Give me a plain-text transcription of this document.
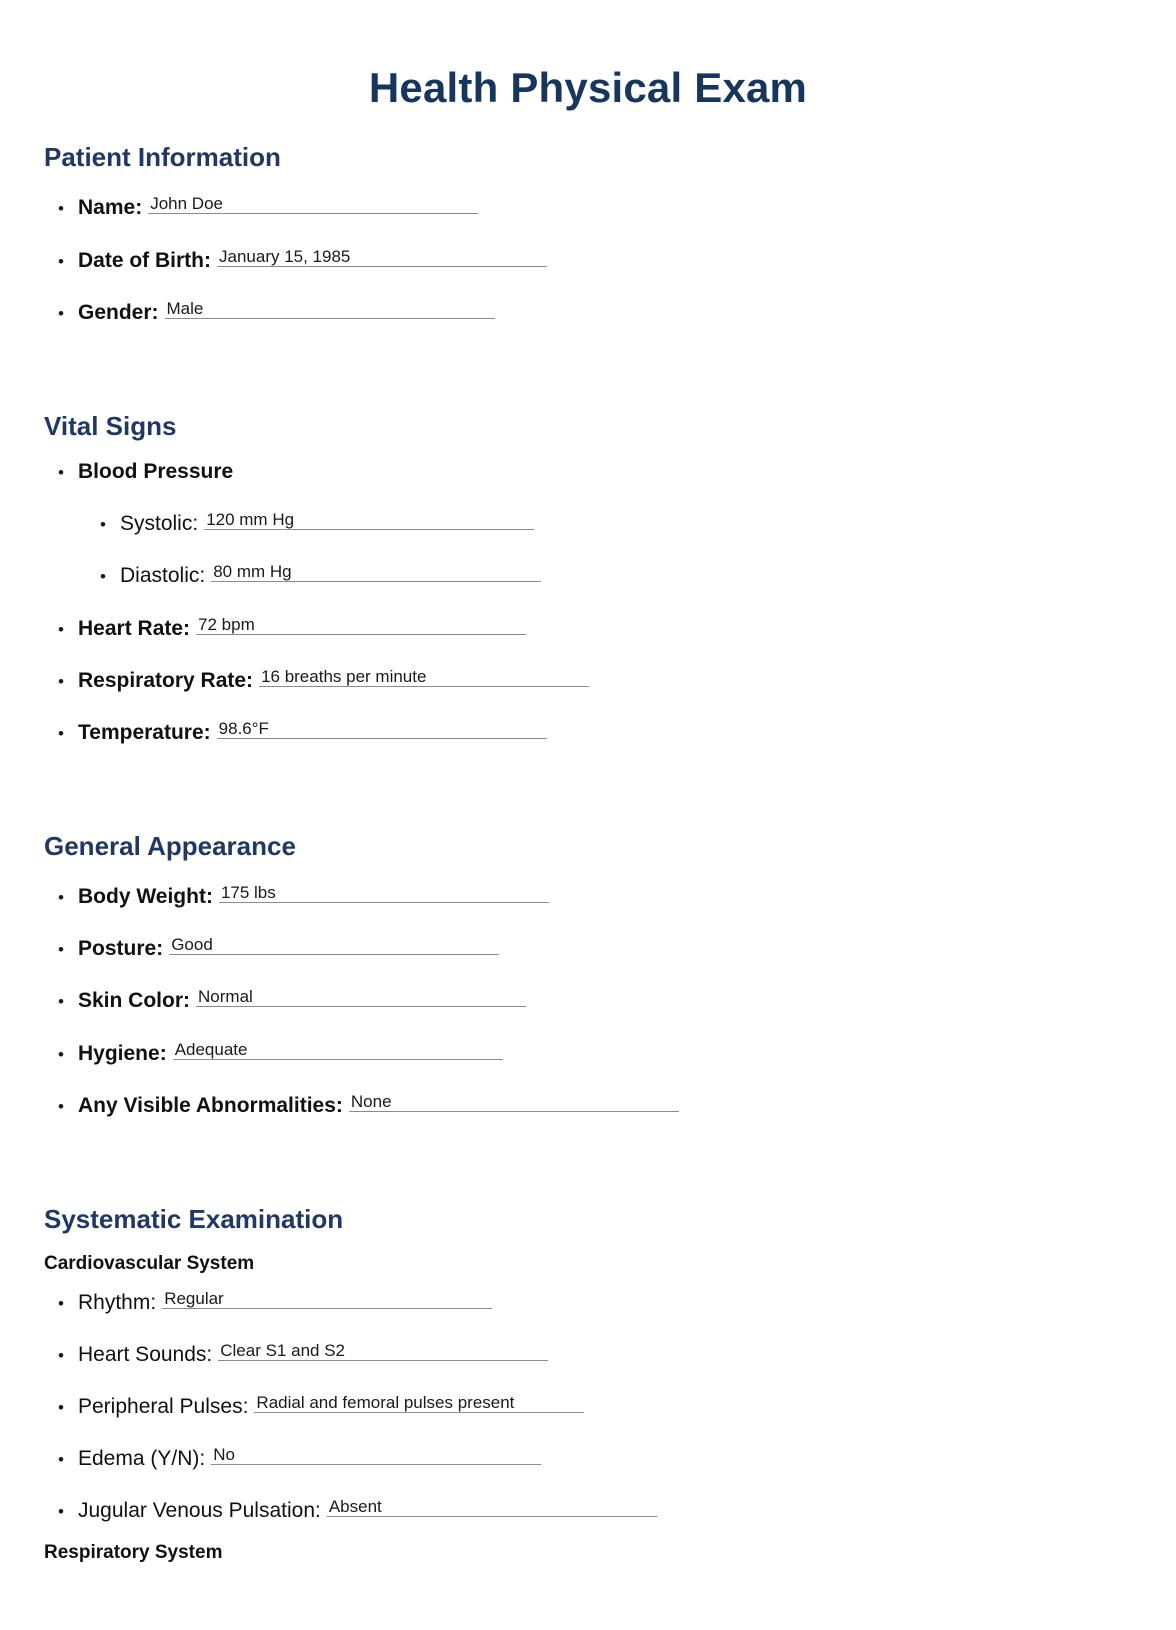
Health Physical Exam
Patient Information
•
Name: John Doe
•
Date of Birth: January 15, 1985
•
Gender: Male
Vital Signs
•
Blood Pressure
•
Systolic: 120 mm Hg
•
Diastolic: 80 mm Hg
•
Heart Rate: 72 bpm
•
Respiratory Rate: 16 breaths per minute
•
Temperature: 98.6°F
General Appearance
•
Body Weight: 175 lbs
•
Posture: Good
•
Skin Color: Normal
•
Hygiene: Adequate
•
Any Visible Abnormalities: None
Systematic Examination
Cardiovascular System
•
Rhythm: Regular
•
Heart Sounds: Clear S1 and S2
•
Peripheral Pulses: Radial and femoral pulses present
•
Edema (Y/N): No
•
Jugular Venous Pulsation: Absent
Respiratory System
